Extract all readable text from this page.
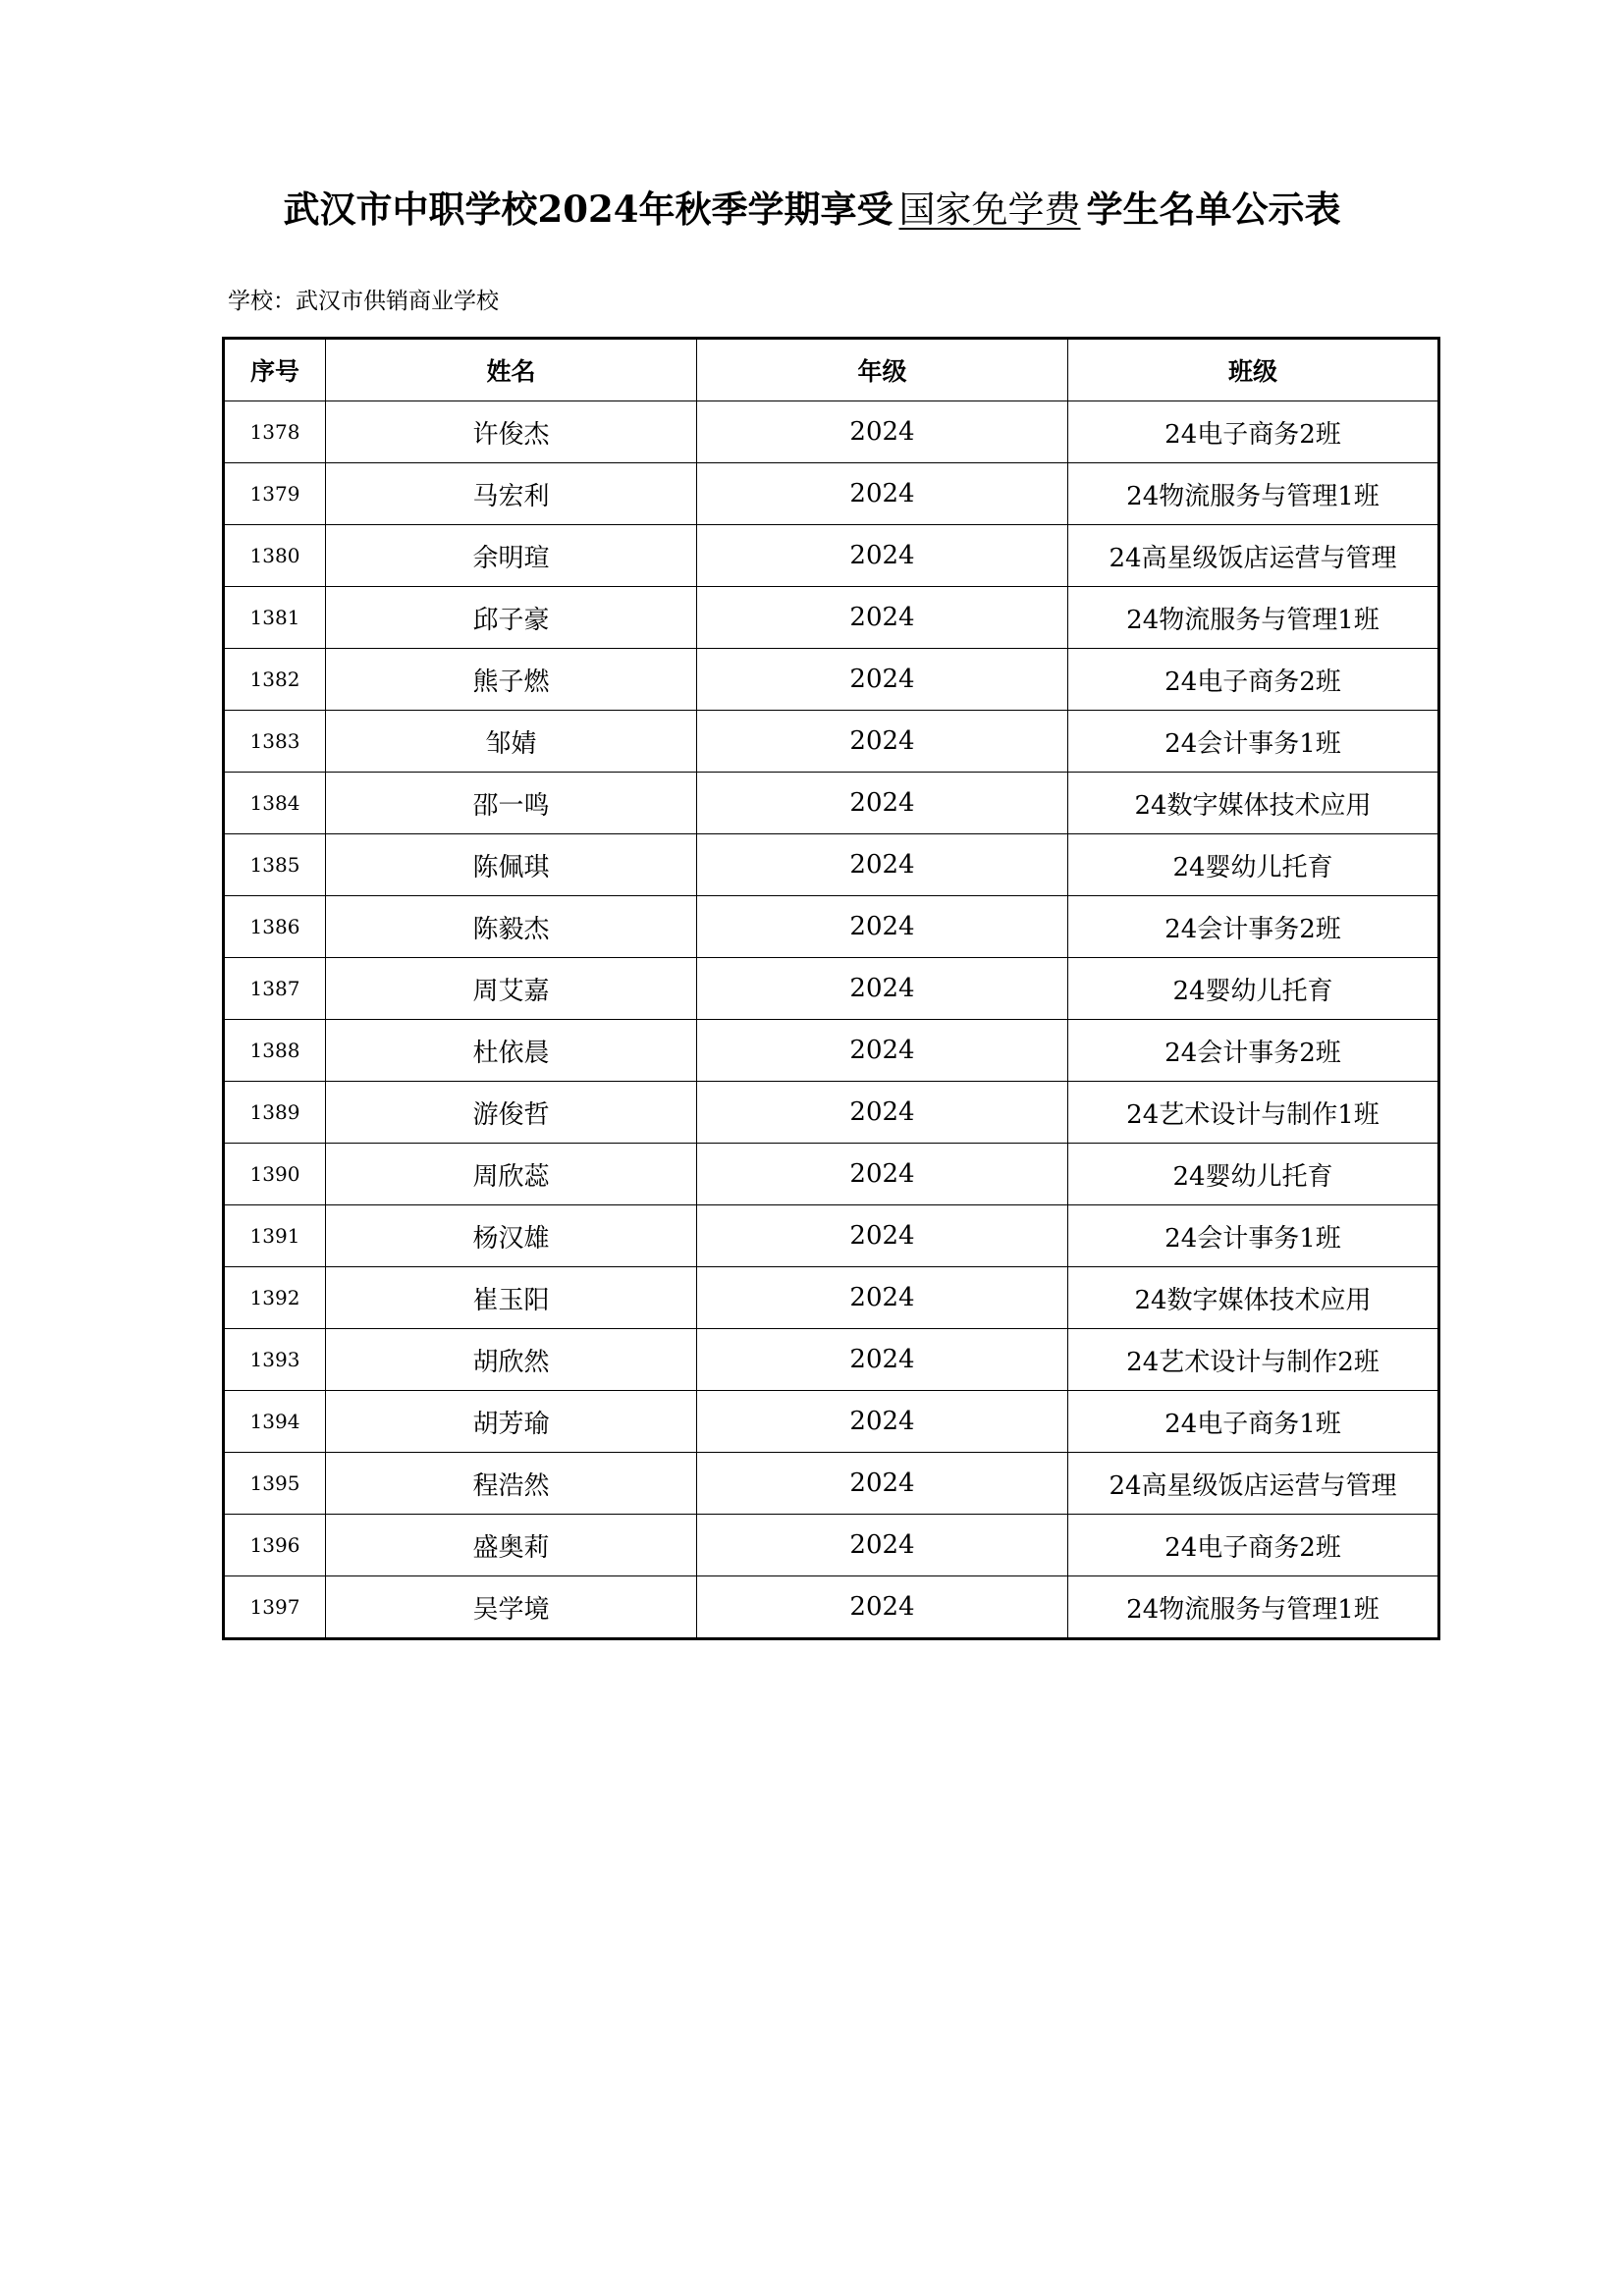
武汉市中职学校2024年秋季学期享受 国家免学费 学生名单公示表
学校：武汉市供销商业学校
序号	姓名	年级	班级
1378	许俊杰	2024	24电子商务2班
1379	马宏利	2024	24物流服务与管理1班
1380	余明瑄	2024	24高星级饭店运营与管理
1381	邱子豪	2024	24物流服务与管理1班
1382	熊子燃	2024	24电子商务2班
1383	邹婧	2024	24会计事务1班
1384	邵一鸣	2024	24数字媒体技术应用
1385	陈佩琪	2024	24婴幼儿托育
1386	陈毅杰	2024	24会计事务2班
1387	周艾嘉	2024	24婴幼儿托育
1388	杜依晨	2024	24会计事务2班
1389	游俊哲	2024	24艺术设计与制作1班
1390	周欣蕊	2024	24婴幼儿托育
1391	杨汉雄	2024	24会计事务1班
1392	崔玉阳	2024	24数字媒体技术应用
1393	胡欣然	2024	24艺术设计与制作2班
1394	胡芳瑜	2024	24电子商务1班
1395	程浩然	2024	24高星级饭店运营与管理
1396	盛奥莉	2024	24电子商务2班
1397	吴学境	2024	24物流服务与管理1班
